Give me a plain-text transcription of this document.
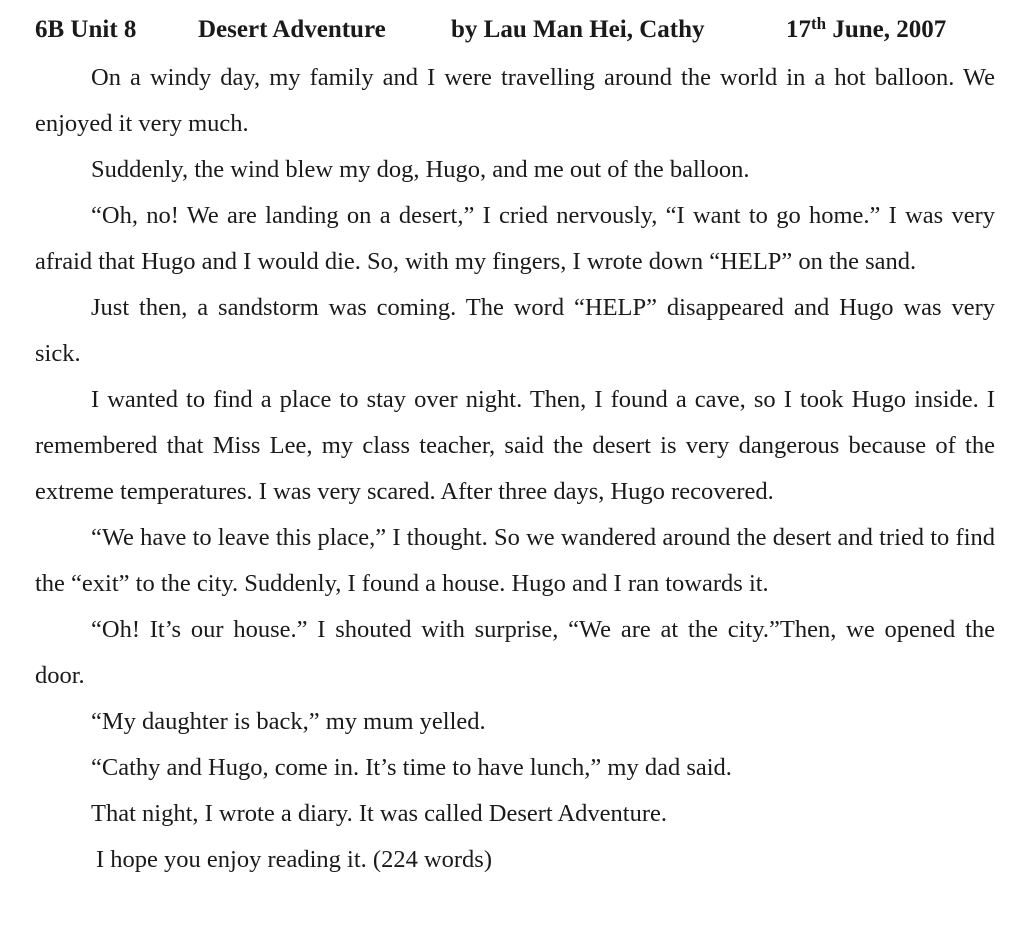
6B Unit 8 Desert Adventure	by Lau Man Hei, Cathy	17th June, 2007

On a windy day, my family and I were travelling around the world in a hot balloon. We enjoyed it very much.

Suddenly, the wind blew my dog, Hugo, and me out of the balloon.

“Oh, no! We are landing on a desert,” I cried nervously, “I want to go home.” I was very afraid that Hugo and I would die. So, with my fingers, I wrote down “HELP” on the sand.

Just then, a sandstorm was coming. The word “HELP” disappeared and Hugo was very sick.

I wanted to find a place to stay over night. Then, I found a cave, so I took Hugo inside. I remembered that Miss Lee, my class teacher, said the desert is very dangerous because of the extreme temperatures. I was very scared. After three days, Hugo recovered.

“We have to leave this place,” I thought. So we wandered around the desert and tried to find the “exit” to the city. Suddenly, I found a house. Hugo and I ran towards it.

“Oh! It’s our house.” I shouted with surprise, “We are at the city.”Then, we opened the door.

“My daughter is back,” my mum yelled.

“Cathy and Hugo, come in. It’s time to have lunch,” my dad said.

That night, I wrote a diary. It was called Desert Adventure.

I hope you enjoy reading it. (224 words)
